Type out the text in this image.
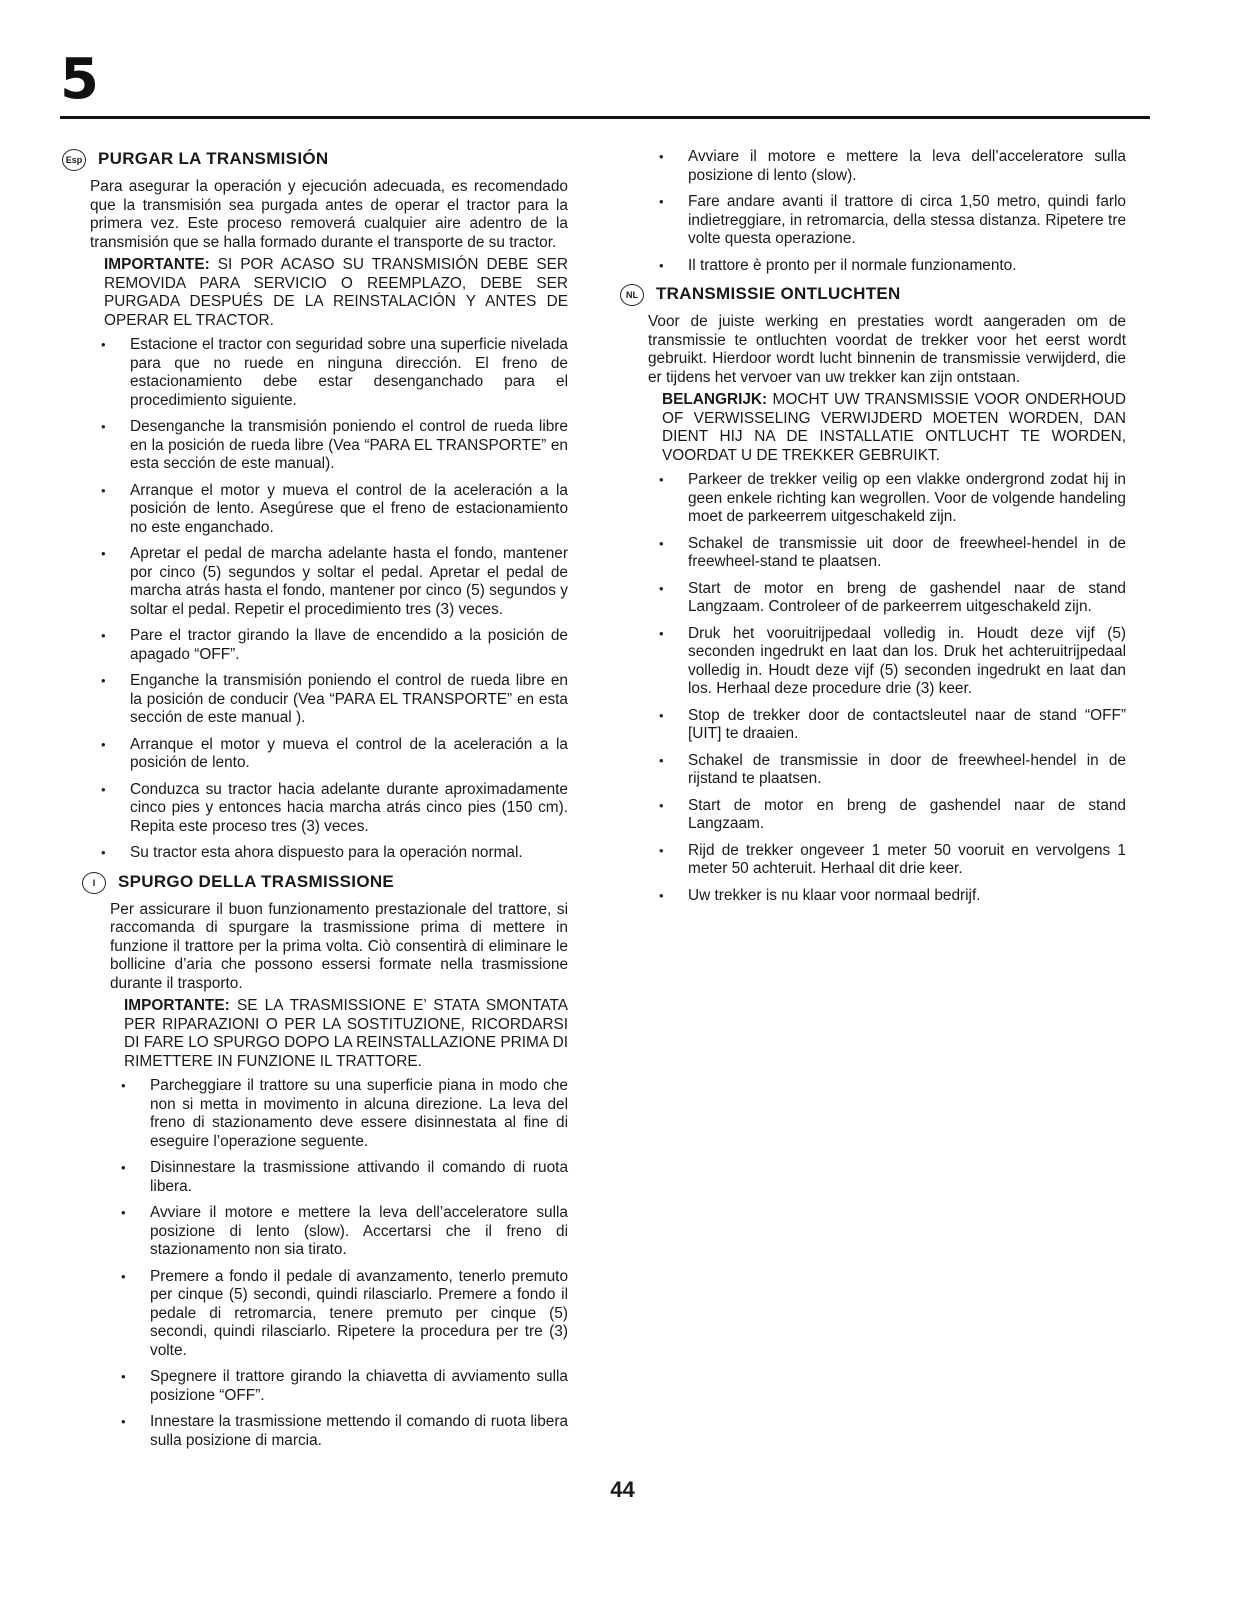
5
Esp PURGAR LA TRANSMISIÓN

Para asegurar la operación y ejecución adecuada, es recomendado que la transmisión sea purgada antes de operar el tractor para la primera vez. Este proceso removerá cualquier aire adentro de la transmisión que se halla formado durante el transporte de su tractor.

IMPORTANTE: SI POR ACASO SU TRANSMISIÓN DEBE SER REMOVIDA PARA SERVICIO O REEMPLAZO, DEBE SER PURGADA DESPUÉS DE LA REINSTALACIÓN Y ANTES DE OPERAR EL TRACTOR.

• Estacione el tractor con seguridad sobre una superficie nivelada para que no ruede en ninguna dirección. El freno de estacionamiento debe estar desenganchado para el procedimiento siguiente.
• Desenganche la transmisión poniendo el control de rueda libre en la posición de rueda libre (Vea “PARA EL TRANSPORTE” en esta sección de este manual).
• Arranque el motor y mueva el control de la aceleración a la posición de lento. Asegúrese que el freno de estacionamiento no este enganchado.
• Apretar el pedal de marcha adelante hasta el fondo, mantener por cinco (5) segundos y soltar el pedal. Apretar el pedal de marcha atrás hasta el fondo, mantener por cinco (5) segundos y soltar el pedal. Repetir el procedimiento tres (3) veces.
• Pare el tractor girando la llave de encendido a la posición de apagado “OFF”.
• Enganche la transmisión poniendo el control de rueda libre en la posición de conducir (Vea “PARA EL TRANSPORTE” en esta sección de este manual ).
• Arranque el motor y mueva el control de la aceleración a la posición de lento.
• Conduzca su tractor hacia adelante durante aproximadamente cinco pies y entonces hacia marcha atrás cinco pies (150 cm). Repita este proceso tres (3) veces.
• Su tractor esta ahora dispuesto para la operación normal.
I	SPURGO DELLA TRASMISSIONE

Per assicurare il buon funzionamento prestazionale del trattore, si raccomanda di spurgare la trasmissione prima di mettere in funzione il trattore per la prima volta. Ciò consentirà di eliminare le bollicine d’aria che possono essersi formate nella trasmissione durante il trasporto.

IMPORTANTE: SE LA TRASMISSIONE E’ STATA SMONTATA PER RIPARAZIONI O PER LA SOSTITUZIONE, RICORDARSI DI FARE LO SPURGO DOPO LA REINSTALLAZIONE PRIMA DI RIMETTERE IN FUNZIONE IL TRATTORE.

• Parcheggiare il trattore su una superficie piana in modo che non si metta in movimento in alcuna direzione. La leva del freno di stazionamento deve essere disinnestata al fine di eseguire l’operazione seguente.
• Disinnestare la trasmissione attivando il comando di ruota libera.
• Avviare il motore e mettere la leva dell’acceleratore sulla posizione di lento (slow). Accertarsi che il freno di stazionamento non sia tirato.
• Premere a fondo il pedale di avanzamento, tenerlo premuto per cinque (5) secondi, quindi rilasciarlo. Premere a fondo il pedale di retromarcia, tenere premuto per cinque (5) secondi, quindi rilasciarlo. Ripetere la procedura per tre (3) volte.
• Spegnere il trattore girando la chiavetta di avviamento sulla posizione “OFF”.
• Innestare la trasmissione mettendo il comando di ruota libera sulla posizione di marcia.
• Avviare il motore e mettere la leva dell’acceleratore sulla posizione di lento (slow).
• Fare andare avanti il trattore di circa 1,50 metro, quindi farlo indietreggiare, in retromarcia, della stessa distanza. Ripetere tre volte questa operazione.
• Il trattore è pronto per il normale funzionamento.
NL	TRANSMISSIE ONTLUCHTEN

Voor de juiste werking en prestaties wordt aangeraden om de transmissie te ontluchten voordat de trekker voor het eerst wordt gebruikt. Hierdoor wordt lucht binnenin de transmissie verwijderd, die er tijdens het vervoer van uw trekker kan zijn ontstaan.

BELANGRIJK: MOCHT UW TRANSMISSIE VOOR ONDERHOUD OF VERWISSELING VERWIJDERD MOETEN WORDEN, DAN DIENT HIJ NA DE INSTALLATIE ONTLUCHT TE WORDEN, VOORDAT U DE TREKKER GEBRUIKT.

• Parkeer de trekker veilig op een vlakke ondergrond zodat hij in geen enkele richting kan wegrollen. Voor de volgende handeling moet de parkeerrem uitgeschakeld zijn.
• Schakel de transmissie uit door de freewheel-hendel in de freewheel-stand te plaatsen.
• Start de motor en breng de gashendel naar de stand Langzaam. Controleer of de parkeerrem uitgeschakeld zijn.
• Druk het vooruitrijpedaal volledig in. Houdt deze vijf (5) seconden ingedrukt en laat dan los. Druk het achteruitrijpedaal volledig in. Houdt deze vijf (5) seconden ingedrukt en laat dan los. Herhaal deze procedure drie (3) keer.
• Stop de trekker door de contactsleutel naar de stand “OFF” [UIT] te draaien.
• Schakel de transmissie in door de freewheel-hendel in de rijstand te plaatsen.
• Start de motor en breng de gashendel naar de stand Langzaam.
• Rijd de trekker ongeveer 1 meter 50 vooruit en vervolgens 1 meter 50 achteruit. Herhaal dit drie keer.
• Uw trekker is nu klaar voor normaal bedrijf.
44
